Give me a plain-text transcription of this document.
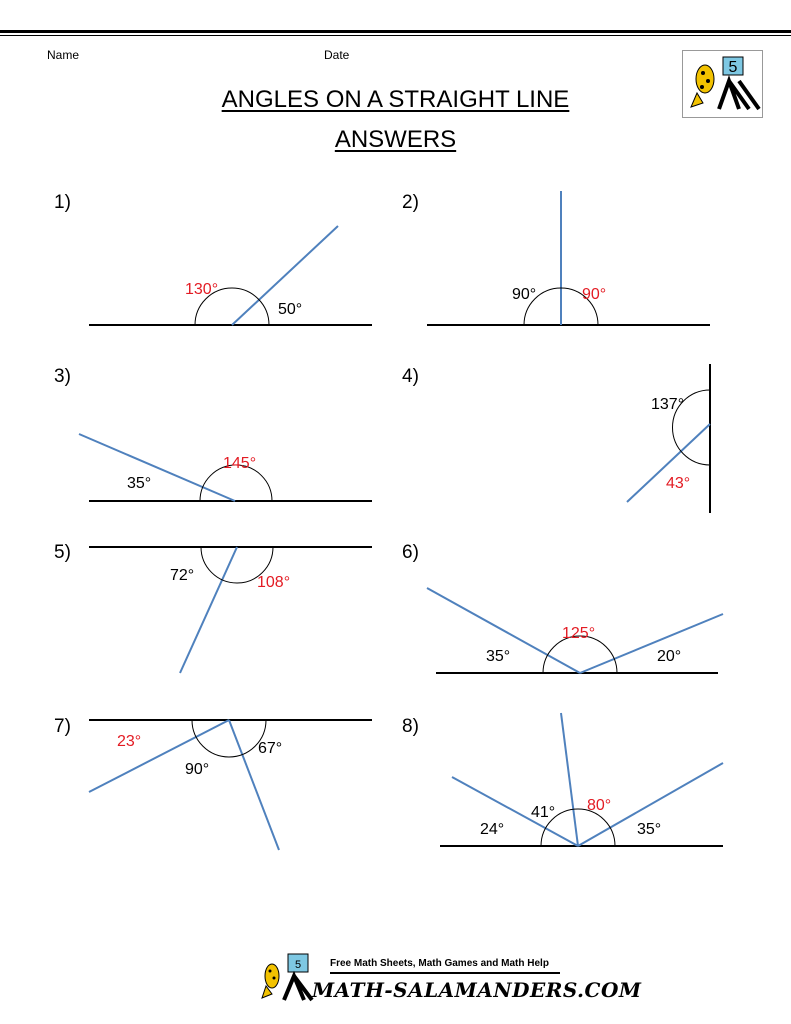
Name	Date
5
ANGLES ON A STRAIGHT LINE
ANSWERS
1)	2)
3)	4)
5)	6)
7)	8)
130°
50°
90°	90°
145°
35°
137°
43°
72°	108°
125°
35°	20°
23°
90°
67°
41° 80°
24°	35°
5	Free Math Sheets, Math Games and Math Help
MATH-SALAMANDERS.COM
